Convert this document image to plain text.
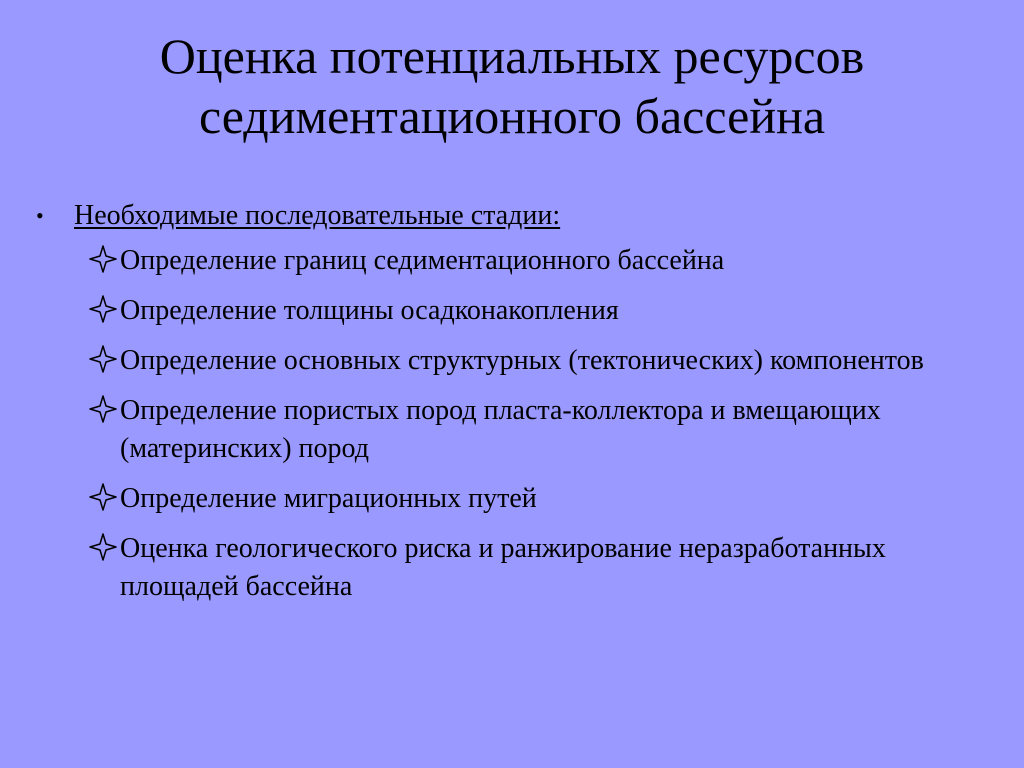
Оценка потенциальных ресурсов
седиментационного бассейна
• Необходимые последовательные стадии:
Определение границ седиментационного бассейна
Определение толщины осадконакопления
Определение основных структурных (тектонических) компонентов
Определение пористых пород пласта-коллектора и вмещающих (материнских) пород
Определение миграционных путей
Оценка геологического риска и ранжирование неразработанных площадей бассейна
